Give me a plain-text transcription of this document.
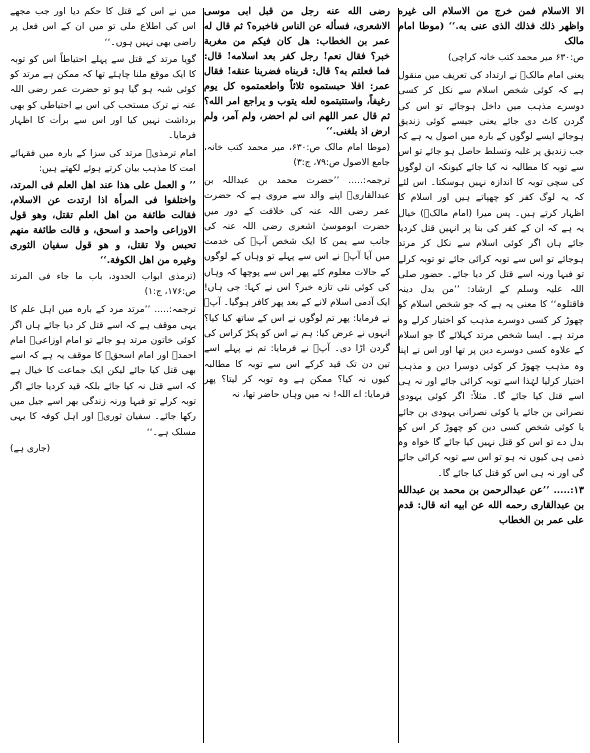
الا الاسلام فمن خرج من الاسلام الى غيره واظهر ذلك فذلك الذى عنى به.‘‘ (موطا امام مالک
ص:۶۳۰ میر محمد کتب خانہ کراچی)
یعنی امام مالکؒ نے ارتداد کی تعریف میں منقول ہے کہ کوئی شخص اسلام سے نکل کر کسی دوسرے مذہب میں داخل ہوجائے تو اس کی گردن کاٹ دی جائے یعنی جیسے کوئی زندیق ہوجائے ایسے لوگوں کے بارہ میں اصول یہ ہے کہ جب زندیق پر غلبہ وتسلط حاصل ہو جائے تو اس سے توبہ کا مطالبہ نہ کیا جائے کیونکہ ان لوگوں کی سچی توبہ کا اندازہ نہیں ہوسکتا۔ اس لئے کہ یہ لوگ کفر کو چھپاتے ہیں اور اسلام کا اظہار کرتے ہیں۔ پس میرا (امام مالکؒ) خیال یہ ہے کہ ان کے کفر کی بنا پر انہیں قتل کردیا جائے ہاں اگر کوئی اسلام سے نکل کر مرتد ہوجائے تو اس سے توبہ کرائی جائے تو توبہ کرلے تو فبہا ورنہ اسے قتل کر دیا جائے۔ حضور صلی اللہ علیہ وسلم کے ارشاد: ’’من بدل دینہ فاقتلوہ‘‘ کا معنی یہ ہے کہ جو شخص اسلام کو چھوڑ کر کسی دوسرے مذہب کو اختیار کرلے وہ مرتد ہے۔ ایسا شخص مرتد کہلائے گا جو اسلام کے علاوہ کسی دوسرے دین پر تھا اور اس نے اپنا وہ مذہب چھوڑ کر کوئی دوسرا دین و مذہب اختیار کرلیا لہٰذا اسے توبہ کرائی جائے اور نہ ہی اسے قتل کیا جائے گا۔ مثلاً: اگر کوئی یہودی نصرانی بن جائے یا کوئی نصرانی یہودی بن جائے یا کوئی شخص کسی دین کو چھوڑ کر اس کو بدل دے تو اس کو قتل نہیں کیا جائے گا خواہ وہ ذمی ہی کیوں نہ ہو تو اس سے توبہ کرائی جائے گی اور نہ ہی اس کو قتل کیا جائے گا۔
۱۳:..... ’’عن عبدالرحمن بن محمد بن عبدالله بن عبدالقاری رحمه الله عن ابيه انه قال: قدم على عمر بن الخطاب
رضی الله عنه رجل من قبل ابی موسى الاشعرى، فسأله عن الناس فاخبره؟ ثم قال له عمر بن الخطاب: هل كان فيكم من مغربة خبر؟ فقال نعم! رجل كفر بعد اسلامه! قال: فما فعلتم به؟ قال: قربناه فضربنا عنقه! فقال عمر: افلا حبستموه ثلاثاً واطعمتموه كل يوم رغيفاً، واستتبتموه لعله يتوب و يراجع امر الله؟ ثم قال عمر اللهم انى لم احضر، ولم آمر، ولم ارض اذ بلغنى.‘‘
(موطا امام مالک ص:۶۳۰، میر محمد کتب خانہ، جامع الاصول ص:۷۹، ج:۳)
ترجمہ:..... ’’حضرت محمد بن عبداللہ بن عبدالقاریؒ اپنے والد سے مروی ہے کہ حضرت عمر رضی اللہ عنہ کی خلافت کے دور میں حضرت ابوموسیٰ اشعری رضی اللہ عنہ کی جانب سے یمن کا ایک شخص آپؓ کی خدمت میں آیا آپؓ نے اس سے پہلے تو وہاں کے لوگوں کے حالات معلوم کئے پھر اس سے پوچھا کہ وہاں کی کوئی نئی تازہ خبر؟ اس نے کہا: جی ہاں! ایک آدمی اسلام لانے کے بعد پھر کافر ہوگیا۔ آپؓ نے فرمایا: پھر تم لوگوں نے اس کے ساتھ کیا کیا؟ انہوں نے عرض کیا: ہم نے اس کو پکڑ کراس کی گردن اڑا دی۔ آپؓ نے فرمایا: تم نے پہلے اسے تین دن تک قید کرکے اس سے توبہ کا مطالبہ کیوں نہ کیا؟ ممکن ہے وہ توبہ کر لیتا؟ پھر فرمایا: اے اللہ! نہ میں وہاں حاضر تھا، نہ
میں نے اس کے قتل کا حکم دیا اور جب مجھے اس کی اطلاع ملی تو میں ان کے اس فعل پر راضی بھی نہیں ہوں۔‘‘
گویا مرتد کے قتل سے پہلے احتیاطاً اس کو توبہ کا ایک موقع ملنا چاہئے تھا کہ ممکن ہے مرتد کو کوئی شبہ ہو گیا ہو تو حضرت عمر رضی اللہ عنہ نے ترک مستحب کی اس بے احتیاطی کو بھی برداشت نہیں کیا اور اس سے برأت کا اظہار فرمایا۔
امام ترمذیؒ مرتد کی سزا کے بارہ میں فقہائے امت کا مذہب بیان کرتے ہوئے لکھتے ہیں:
’’ و العمل على هذا عند اهل العلم فى المرتد، واختلفوا فى المرأة اذا ارتدت عن الاسلام، فقالت طائفة من اهل العلم تقتل، وهو قول الاوزاعى واحمد و اسحق، و قالت طائفة منهم تحبس ولا تقتل، و هو قول سفيان الثورى وغيره من اهل الكوفة.‘‘
(ترمذی ابواب الحدود، باب ما جاء فی المرتد ص:۱۷۶، ج:۱)
ترجمہ:..... ’’مرتد مرد کے بارہ میں اہل علم کا یہی موقف ہے کہ اسے قتل کر دیا جائے ہاں اگر کوئی خاتون مرتد ہو جائے تو امام اوزاعیؒ امام احمدؒ اور امام اسحقؒ کا موقف یہ ہے کہ اسے بھی قتل کیا جائے لیکن ایک جماعت کا خیال ہے کہ اسے قتل نہ کیا جائے بلکہ قید کردیا جائے اگر توبہ کرلے تو فبہا ورنہ زندگی بھر اسے جیل میں رکھا جائے۔ سفیان ثوریؒ اور اہل کوفہ کا یہی مسلک ہے۔‘‘
(جاری ہے)
